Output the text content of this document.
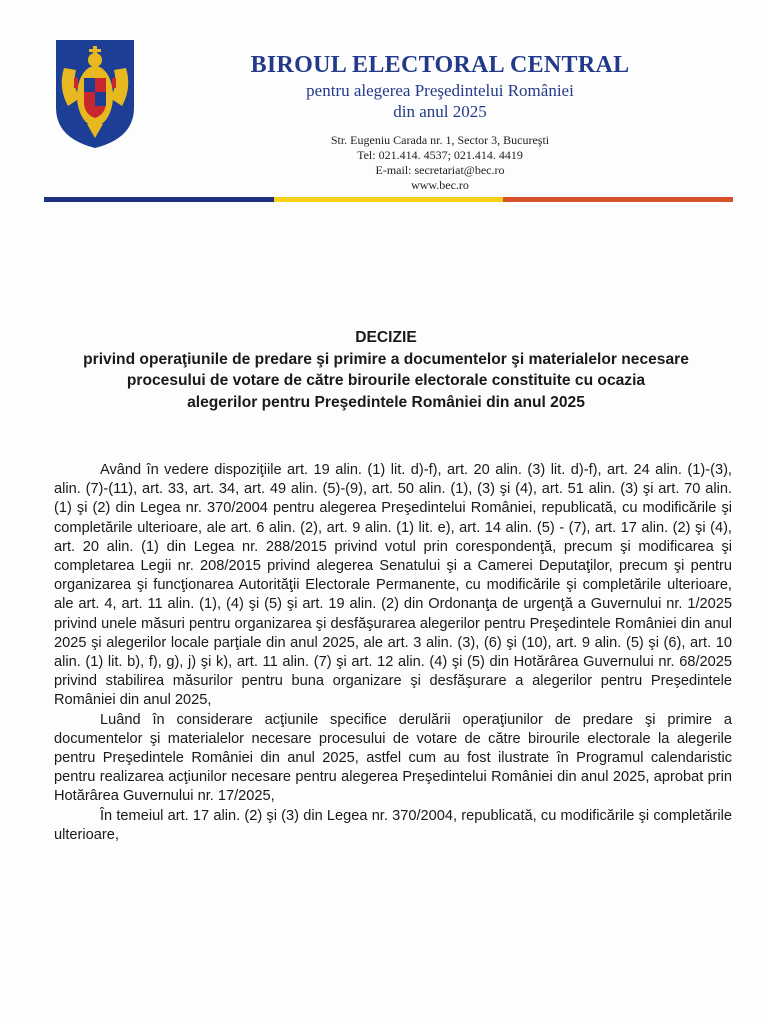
BIROUL ELECTORAL CENTRAL

pentru alegerea Preşedintelui României

din anul 2025

Str. Eugeniu Carada nr. 1, Sector 3, Bucureşti
Tel: 021.414. 4537; 021.414. 4419
E-mail: secretariat@bec.ro
www.bec.ro
DECIZIE
privind operaţiunile de predare şi primire a documentelor şi materialelor necesare
procesului de votare de către birourile electorale constituite cu ocazia
alegerilor pentru Preşedintele României din anul 2025

Având în vedere dispoziţiile art. 19 alin. (1) lit. d)-f), art. 20 alin. (3) lit. d)-f), art. 24 alin. (1)-(3), alin. (7)-(11), art. 33, art. 34, art. 49 alin. (5)-(9), art. 50 alin. (1), (3) şi (4), art. 51 alin. (3) şi art. 70 alin. (1) şi (2) din Legea nr. 370/2004 pentru alegerea Preşedintelui României, republicată, cu modificările şi completările ulterioare, ale art. 6 alin. (2), art. 9 alin. (1) lit. e), art. 14 alin. (5) - (7), art. 17 alin. (2) şi (4), art. 20 alin. (1) din Legea nr. 288/2015 privind votul prin corespondenţă, precum şi modificarea şi completarea Legii nr. 208/2015 privind alegerea Senatului şi a Camerei Deputaţilor, precum şi pentru organizarea şi funcţionarea Autorităţii Electorale Permanente, cu modificările şi completările ulterioare, ale art. 4, art. 11 alin. (1), (4) şi (5) şi art. 19 alin. (2) din Ordonanţa de urgenţă a Guvernului nr. 1/2025 privind unele măsuri pentru organizarea şi desfăşurarea alegerilor pentru Preşedintele României din anul 2025 şi alegerilor locale parţiale din anul 2025, ale art. 3 alin. (3), (6) şi (10), art. 9 alin. (5) şi (6), art. 10 alin. (1) lit. b), f), g), j) şi k), art. 11 alin. (7) şi art. 12 alin. (4) şi (5) din Hotărârea Guvernului nr. 68/2025 privind stabilirea măsurilor pentru buna organizare şi desfăşurare a alegerilor pentru Preşedintele României din anul 2025,

Luând în considerare acţiunile specifice derulării operaţiunilor de predare şi primire a documentelor şi materialelor necesare procesului de votare de către birourile electorale la alegerile pentru Preşedintele României din anul 2025, astfel cum au fost ilustrate în Programul calendaristic pentru realizarea acţiunilor necesare pentru alegerea Preşedintelui României din anul 2025, aprobat prin Hotărârea Guvernului nr. 17/2025,

În temeiul art. 17 alin. (2) şi (3) din Legea nr. 370/2004, republicată, cu modificările şi completările ulterioare,
